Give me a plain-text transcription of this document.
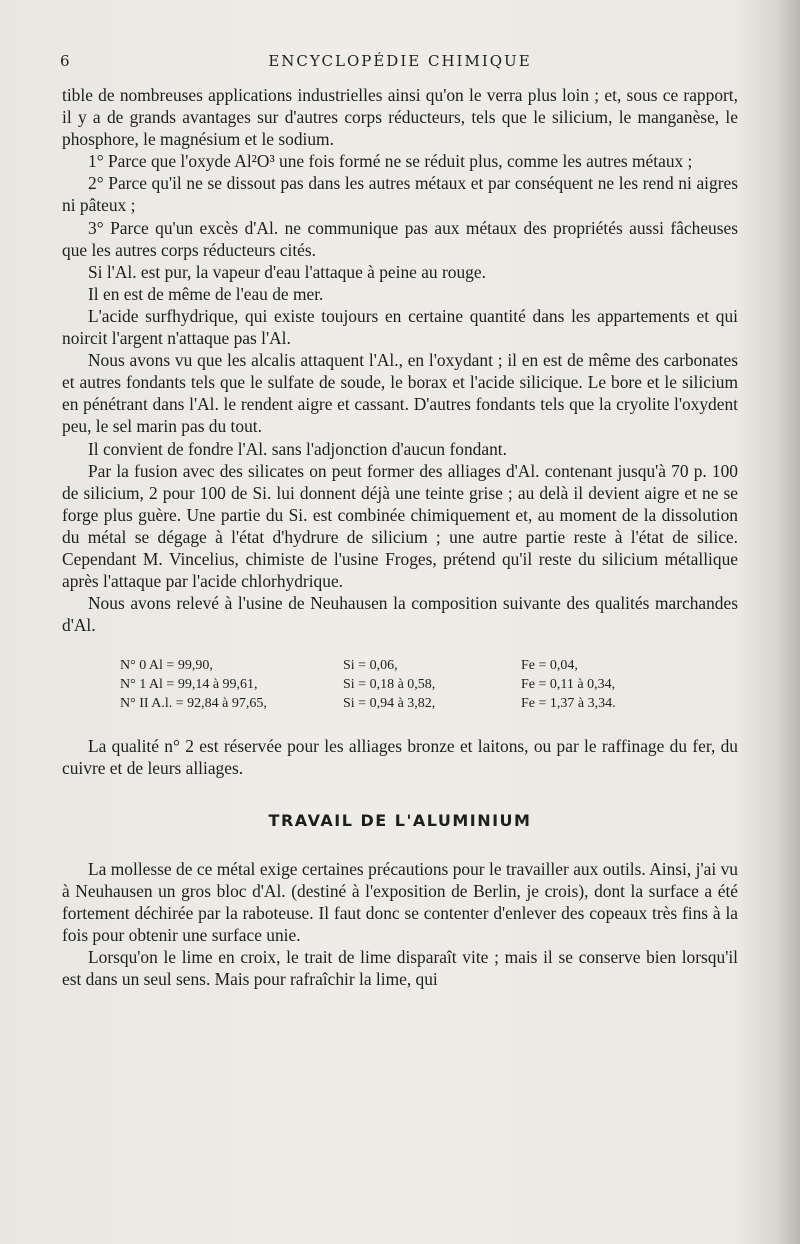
6	ENCYCLOPÉDIE CHIMIQUE

tible de nombreuses applications industrielles ainsi qu'on le verra plus loin ; et, sous ce rapport, il y a de grands avantages sur d'autres corps réducteurs, tels que le silicium, le manganèse, le phosphore, le magnésium et le sodium.

1° Parce que l'oxyde Al²O³ une fois formé ne se réduit plus, comme les autres métaux ;

2° Parce qu'il ne se dissout pas dans les autres métaux et par conséquent ne les rend ni aigres ni pâteux ;

3° Parce qu'un excès d'Al. ne communique pas aux métaux des propriétés aussi fâcheuses que les autres corps réducteurs cités.

Si l'Al. est pur, la vapeur d'eau l'attaque à peine au rouge.

Il en est de même de l'eau de mer.

L'acide surfhydrique, qui existe toujours en certaine quantité dans les appartements et qui noircit l'argent n'attaque pas l'Al.

Nous avons vu que les alcalis attaquent l'Al., en l'oxydant ; il en est de même des carbonates et autres fondants tels que le sulfate de soude, le borax et l'acide silicique. Le bore et le silicium en pénétrant dans l'Al. le rendent aigre et cassant. D'autres fondants tels que la cryolite l'oxydent peu, le sel marin pas du tout.

Il convient de fondre l'Al. sans l'adjonction d'aucun fondant.

Par la fusion avec des silicates on peut former des alliages d'Al. contenant jusqu'à 70 p. 100 de silicium, 2 pour 100 de Si. lui donnent déjà une teinte grise ; au delà il devient aigre et ne se forge plus guère. Une partie du Si. est combinée chimiquement et, au moment de la dissolution du métal se dégage à l'état d'hydrure de silicium ; une autre partie reste à l'état de silice. Cependant M. Vincelius, chimiste de l'usine Froges, prétend qu'il reste du silicium métallique après l'attaque par l'acide chlorhydrique.

Nous avons relevé à l'usine de Neuhausen la composition suivante des qualités marchandes d'Al.

N° 0 Al = 99,90,	Si = 0,06,	Fe = 0,04,
N° 1 Al = 99,14 à 99,61,	Si = 0,18 à 0,58,	Fe = 0,11 à 0,34,
N° II A.l. = 92,84 à 97,65,	Si = 0,94 à 3,82,	Fe = 1,37 à 3,34.

La qualité n° 2 est réservée pour les alliages bronze et laitons, ou par le raffinage du fer, du cuivre et de leurs alliages.

TRAVAIL DE L'ALUMINIUM

La mollesse de ce métal exige certaines précautions pour le travailler aux outils. Ainsi, j'ai vu à Neuhausen un gros bloc d'Al. (destiné à l'exposition de Berlin, je crois), dont la surface a été fortement déchirée par la raboteuse. Il faut donc se contenter d'enlever des copeaux très fins à la fois pour obtenir une surface unie.

Lorsqu'on le lime en croix, le trait de lime disparaît vite ; mais il se conserve bien lorsqu'il est dans un seul sens. Mais pour rafraîchir la lime, qui
